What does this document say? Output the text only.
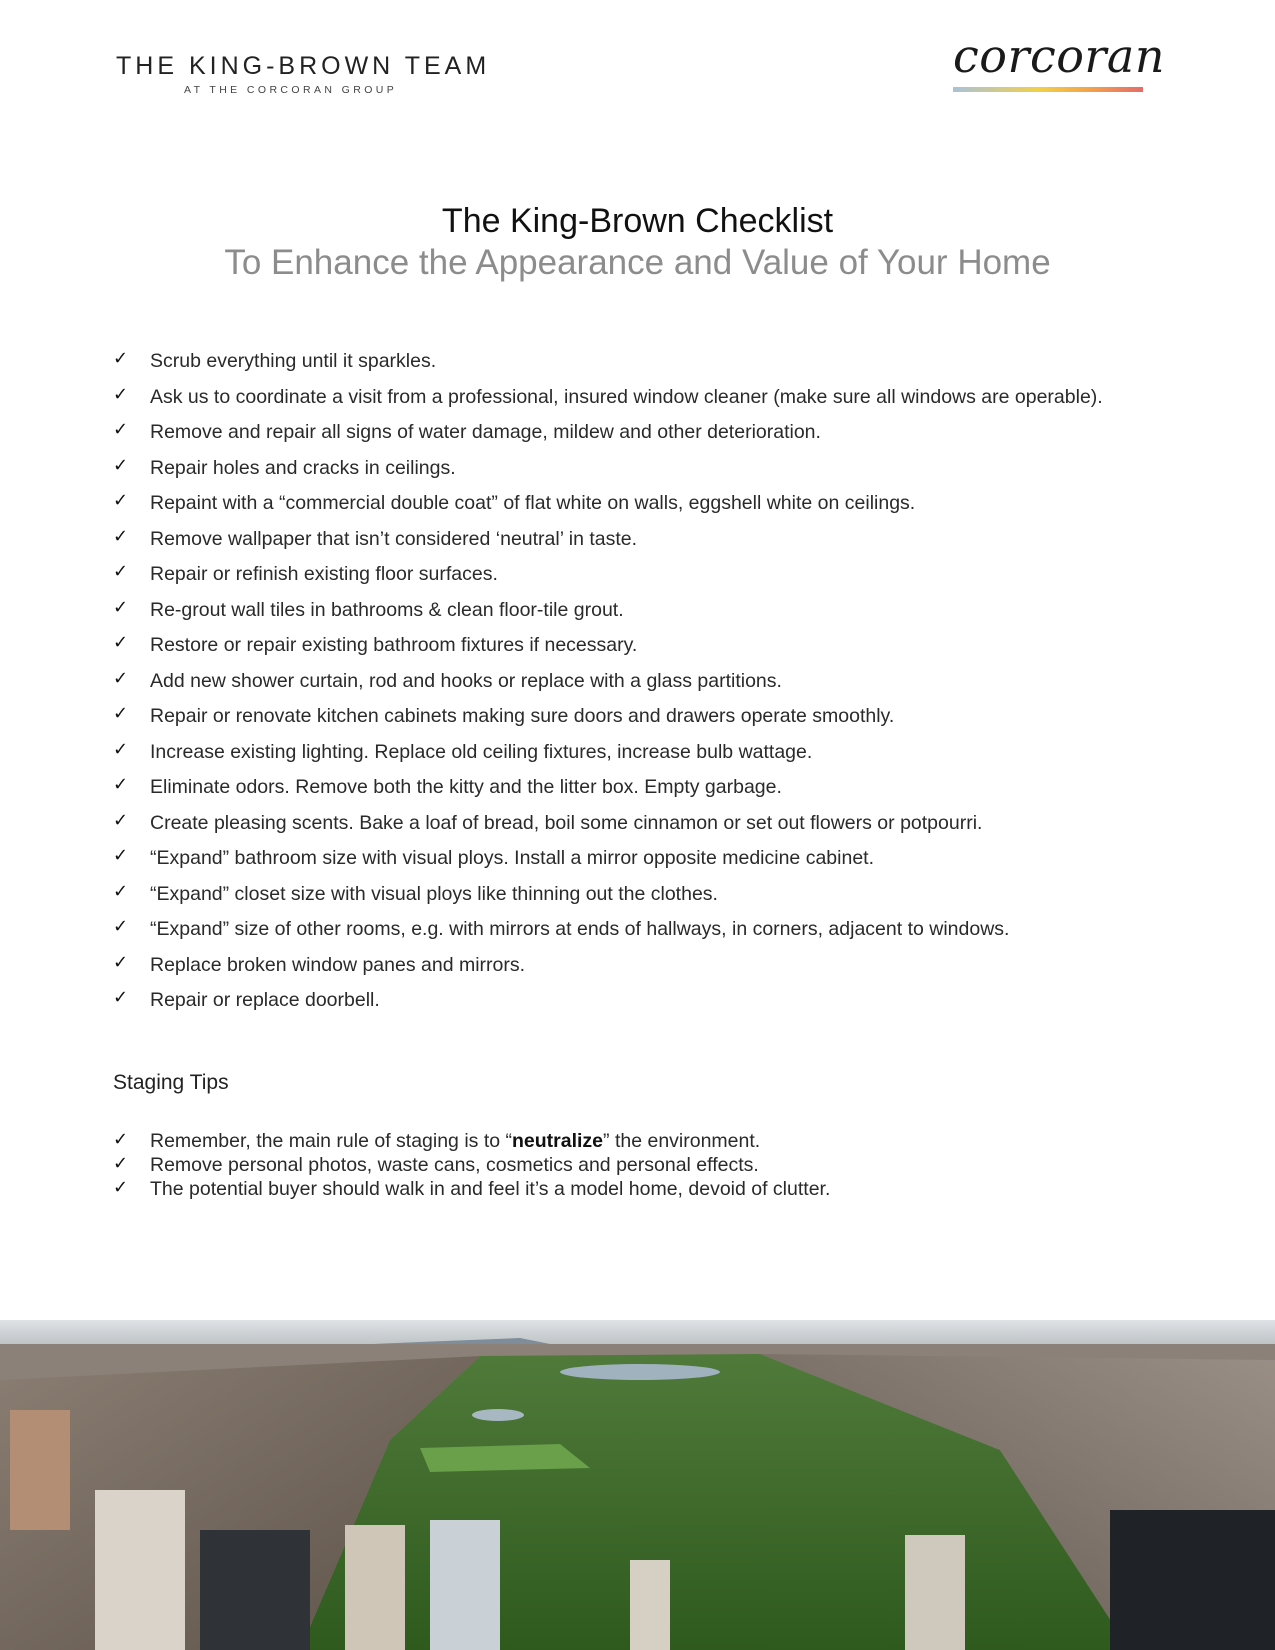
THE KING-BROWN TEAM
AT THE CORCORAN GROUP
corcoran
The King-Brown Checklist
To Enhance the Appearance and Value of Your Home
✓ Scrub everything until it sparkles.
✓ Ask us to coordinate a visit from a professional, insured window cleaner (make sure all windows are operable).
✓ Remove and repair all signs of water damage, mildew and other deterioration.
✓ Repair holes and cracks in ceilings.
✓ Repaint with a “commercial double coat” of flat white on walls, eggshell white on ceilings.
✓ Remove wallpaper that isn’t considered ‘neutral’ in taste.
✓ Repair or refinish existing floor surfaces.
✓ Re-grout wall tiles in bathrooms & clean floor-tile grout.
✓ Restore or repair existing bathroom fixtures if necessary.
✓ Add new shower curtain, rod and hooks or replace with a glass partitions.
✓ Repair or renovate kitchen cabinets making sure doors and drawers operate smoothly.
✓ Increase existing lighting. Replace old ceiling fixtures, increase bulb wattage.
✓ Eliminate odors. Remove both the kitty and the litter box. Empty garbage.
✓ Create pleasing scents. Bake a loaf of bread, boil some cinnamon or set out flowers or potpourri.
✓ “Expand” bathroom size with visual ploys. Install a mirror opposite medicine cabinet.
✓ “Expand” closet size with visual ploys like thinning out the clothes.
✓ “Expand” size of other rooms, e.g. with mirrors at ends of hallways, in corners, adjacent to windows.
✓ Replace broken window panes and mirrors.
✓ Repair or replace doorbell.
Staging Tips
✓ Remember, the main rule of staging is to “neutralize” the environment.
✓ Remove personal photos, waste cans, cosmetics and personal effects.
✓ The potential buyer should walk in and feel it’s a model home, devoid of clutter.
